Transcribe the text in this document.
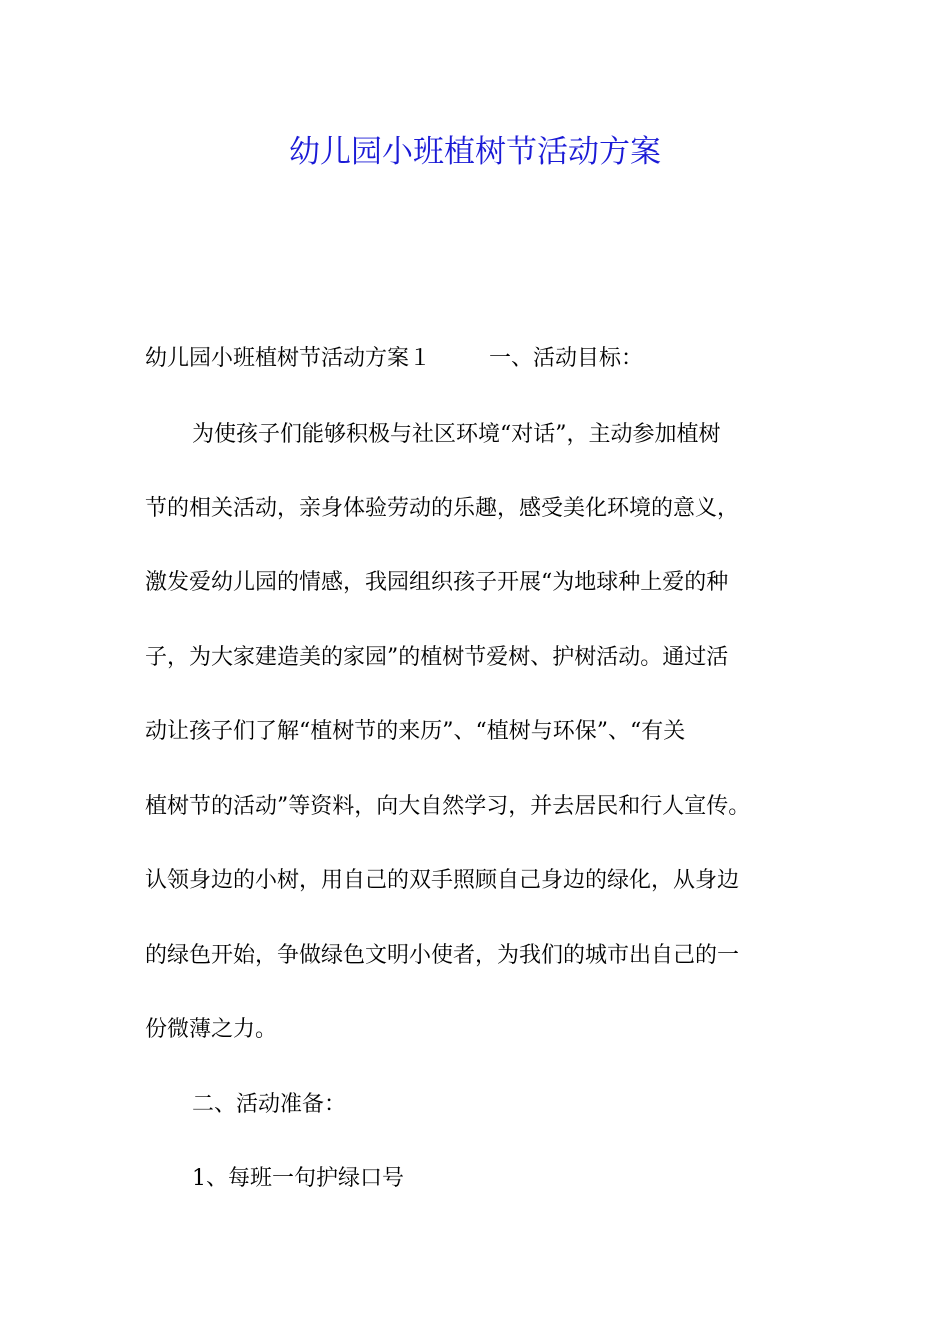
幼儿园小班植树节活动方案

幼儿园小班植树节活动方案１	一、活动目标：

为使孩子们能够积极与社区环境“对话”，主动参加植树

节的相关活动，亲身体验劳动的乐趣，感受美化环境的意义，

激发爱幼儿园的情感，我园组织孩子开展“为地球种上爱的种

子，为大家建造美的家园”的植树节爱树、护树活动。通过活

动让孩子们了解“植树节的来历”、“植树与环保”、“有关

植树节的活动”等资料，向大自然学习，并去居民和行人宣传。

认领身边的小树，用自己的双手照顾自己身边的绿化，从身边

的绿色开始，争做绿色文明小使者，为我们的城市出自己的一

份微薄之力。

二、活动准备：

1、每班一句护绿口号
